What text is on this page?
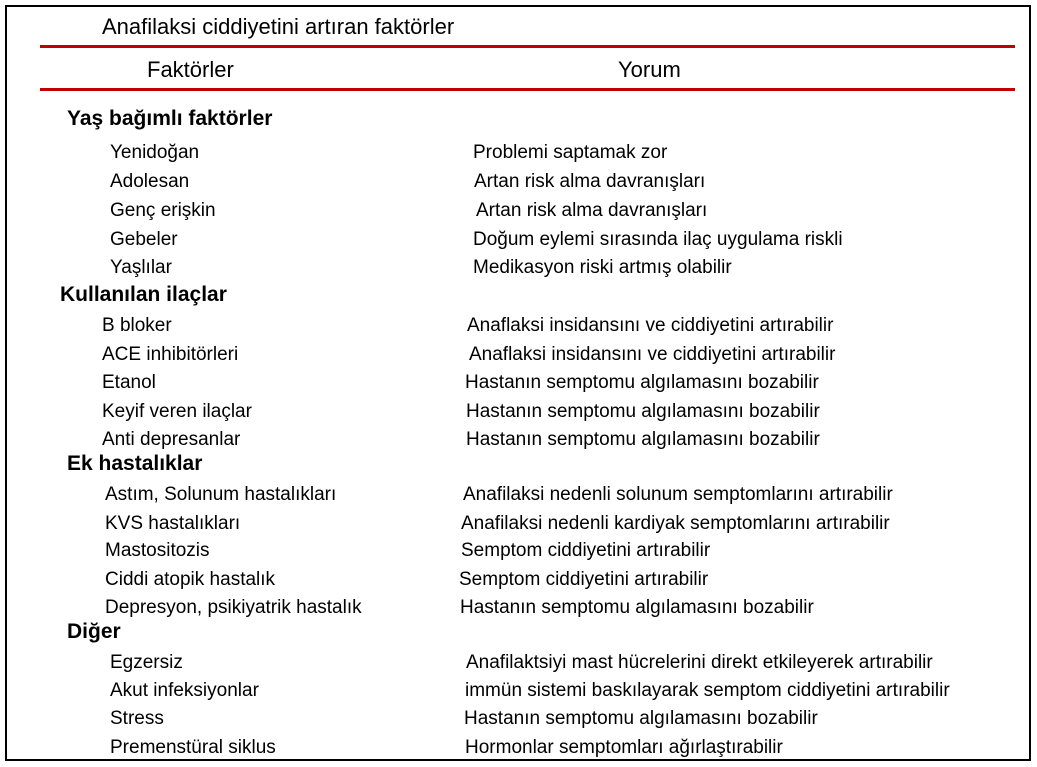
Anafilaksi ciddiyetini artıran faktörler
Faktörler	Yorum
Yaş bağımlı faktörler
Yenidoğan	Problemi saptamak zor
Adolesan	Artan risk alma davranışları
Genç erişkin	Artan risk alma davranışları
Gebeler	Doğum eylemi sırasında ilaç uygulama riskli
Yaşlılar	Medikasyon riski artmış olabilir
Kullanılan ilaçlar
B bloker	Anaflaksi insidansını ve ciddiyetini artırabilir
ACE inhibitörleri	Anaflaksi insidansını ve ciddiyetini artırabilir
Etanol	Hastanın semptomu algılamasını bozabilir
Keyif veren ilaçlar	Hastanın semptomu algılamasını bozabilir
Anti depresanlar	Hastanın semptomu algılamasını bozabilir
Ek hastalıklar
Astım, Solunum hastalıkları	Anafilaksi nedenli solunum semptomlarını artırabilir
KVS hastalıkları	Anafilaksi nedenli kardiyak semptomlarını artırabilir
Mastositozis	Semptom ciddiyetini artırabilir
Ciddi atopik hastalık	Semptom ciddiyetini artırabilir
Depresyon, psikiyatrik hastalık	Hastanın semptomu algılamasını bozabilir
Diğer
Egzersiz	Anafilaktsiyi mast hücrelerini direkt etkileyerek artırabilir
Akut infeksiyonlar	immün sistemi baskılayarak semptom ciddiyetini artırabilir
Stress	Hastanın semptomu algılamasını bozabilir
Premenstüral siklus	Hormonlar semptomları ağırlaştırabilir
